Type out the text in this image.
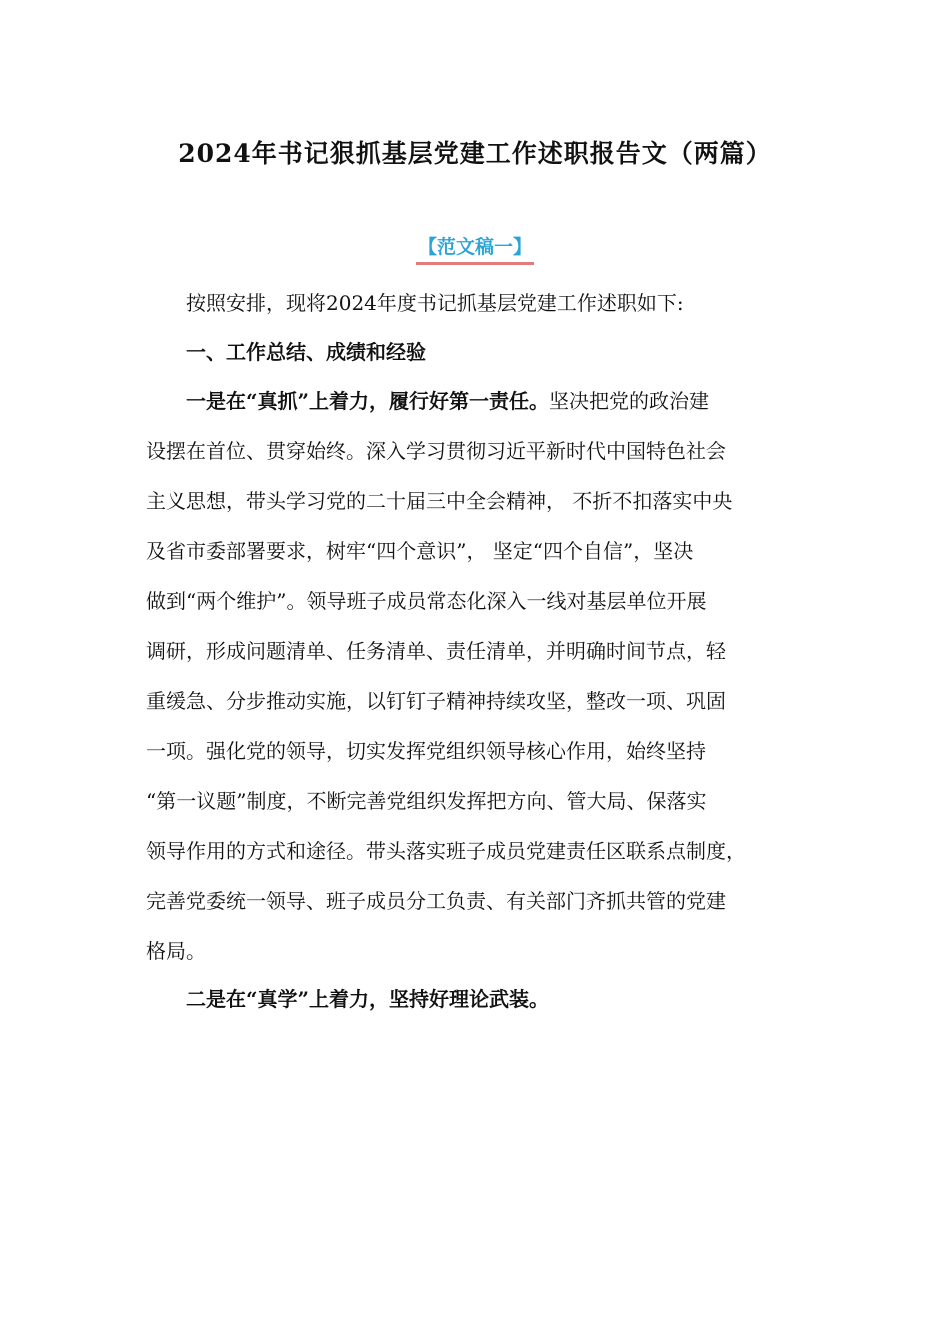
2024年书记狠抓基层党建工作述职报告文（两篇）
【范文稿一】

按照安排，现将2024年度书记抓基层党建工作述职如下:

一、工作总结、成绩和经验

一是在“真抓”上着力，履行好第一责任。坚决把党的政治建
设摆在首位、贯穿始终。深入学习贯彻习近平新时代中国特色社会
主义思想，带头学习党的二十届三中全会精神， 不折不扣落实中央
及省市委部署要求，树牢“四个意识”， 坚定“四个自信”，坚决
做到“两个维护”。领导班子成员常态化深入一线对基层单位开展
调研，形成问题清单、任务清单、责任清单，并明确时间节点，轻
重缓急、分步推动实施，以钉钉子精神持续攻坚，整改一项、巩固
一项。强化党的领导，切实发挥党组织领导核心作用，始终坚持
“第一议题”制度，不断完善党组织发挥把方向、管大局、保落实
领导作用的方式和途径。带头落实班子成员党建责任区联系点制度，
完善党委统一领导、班子成员分工负责、有关部门齐抓共管的党建
格局。

二是在“真学”上着力，坚持好理论武装。
